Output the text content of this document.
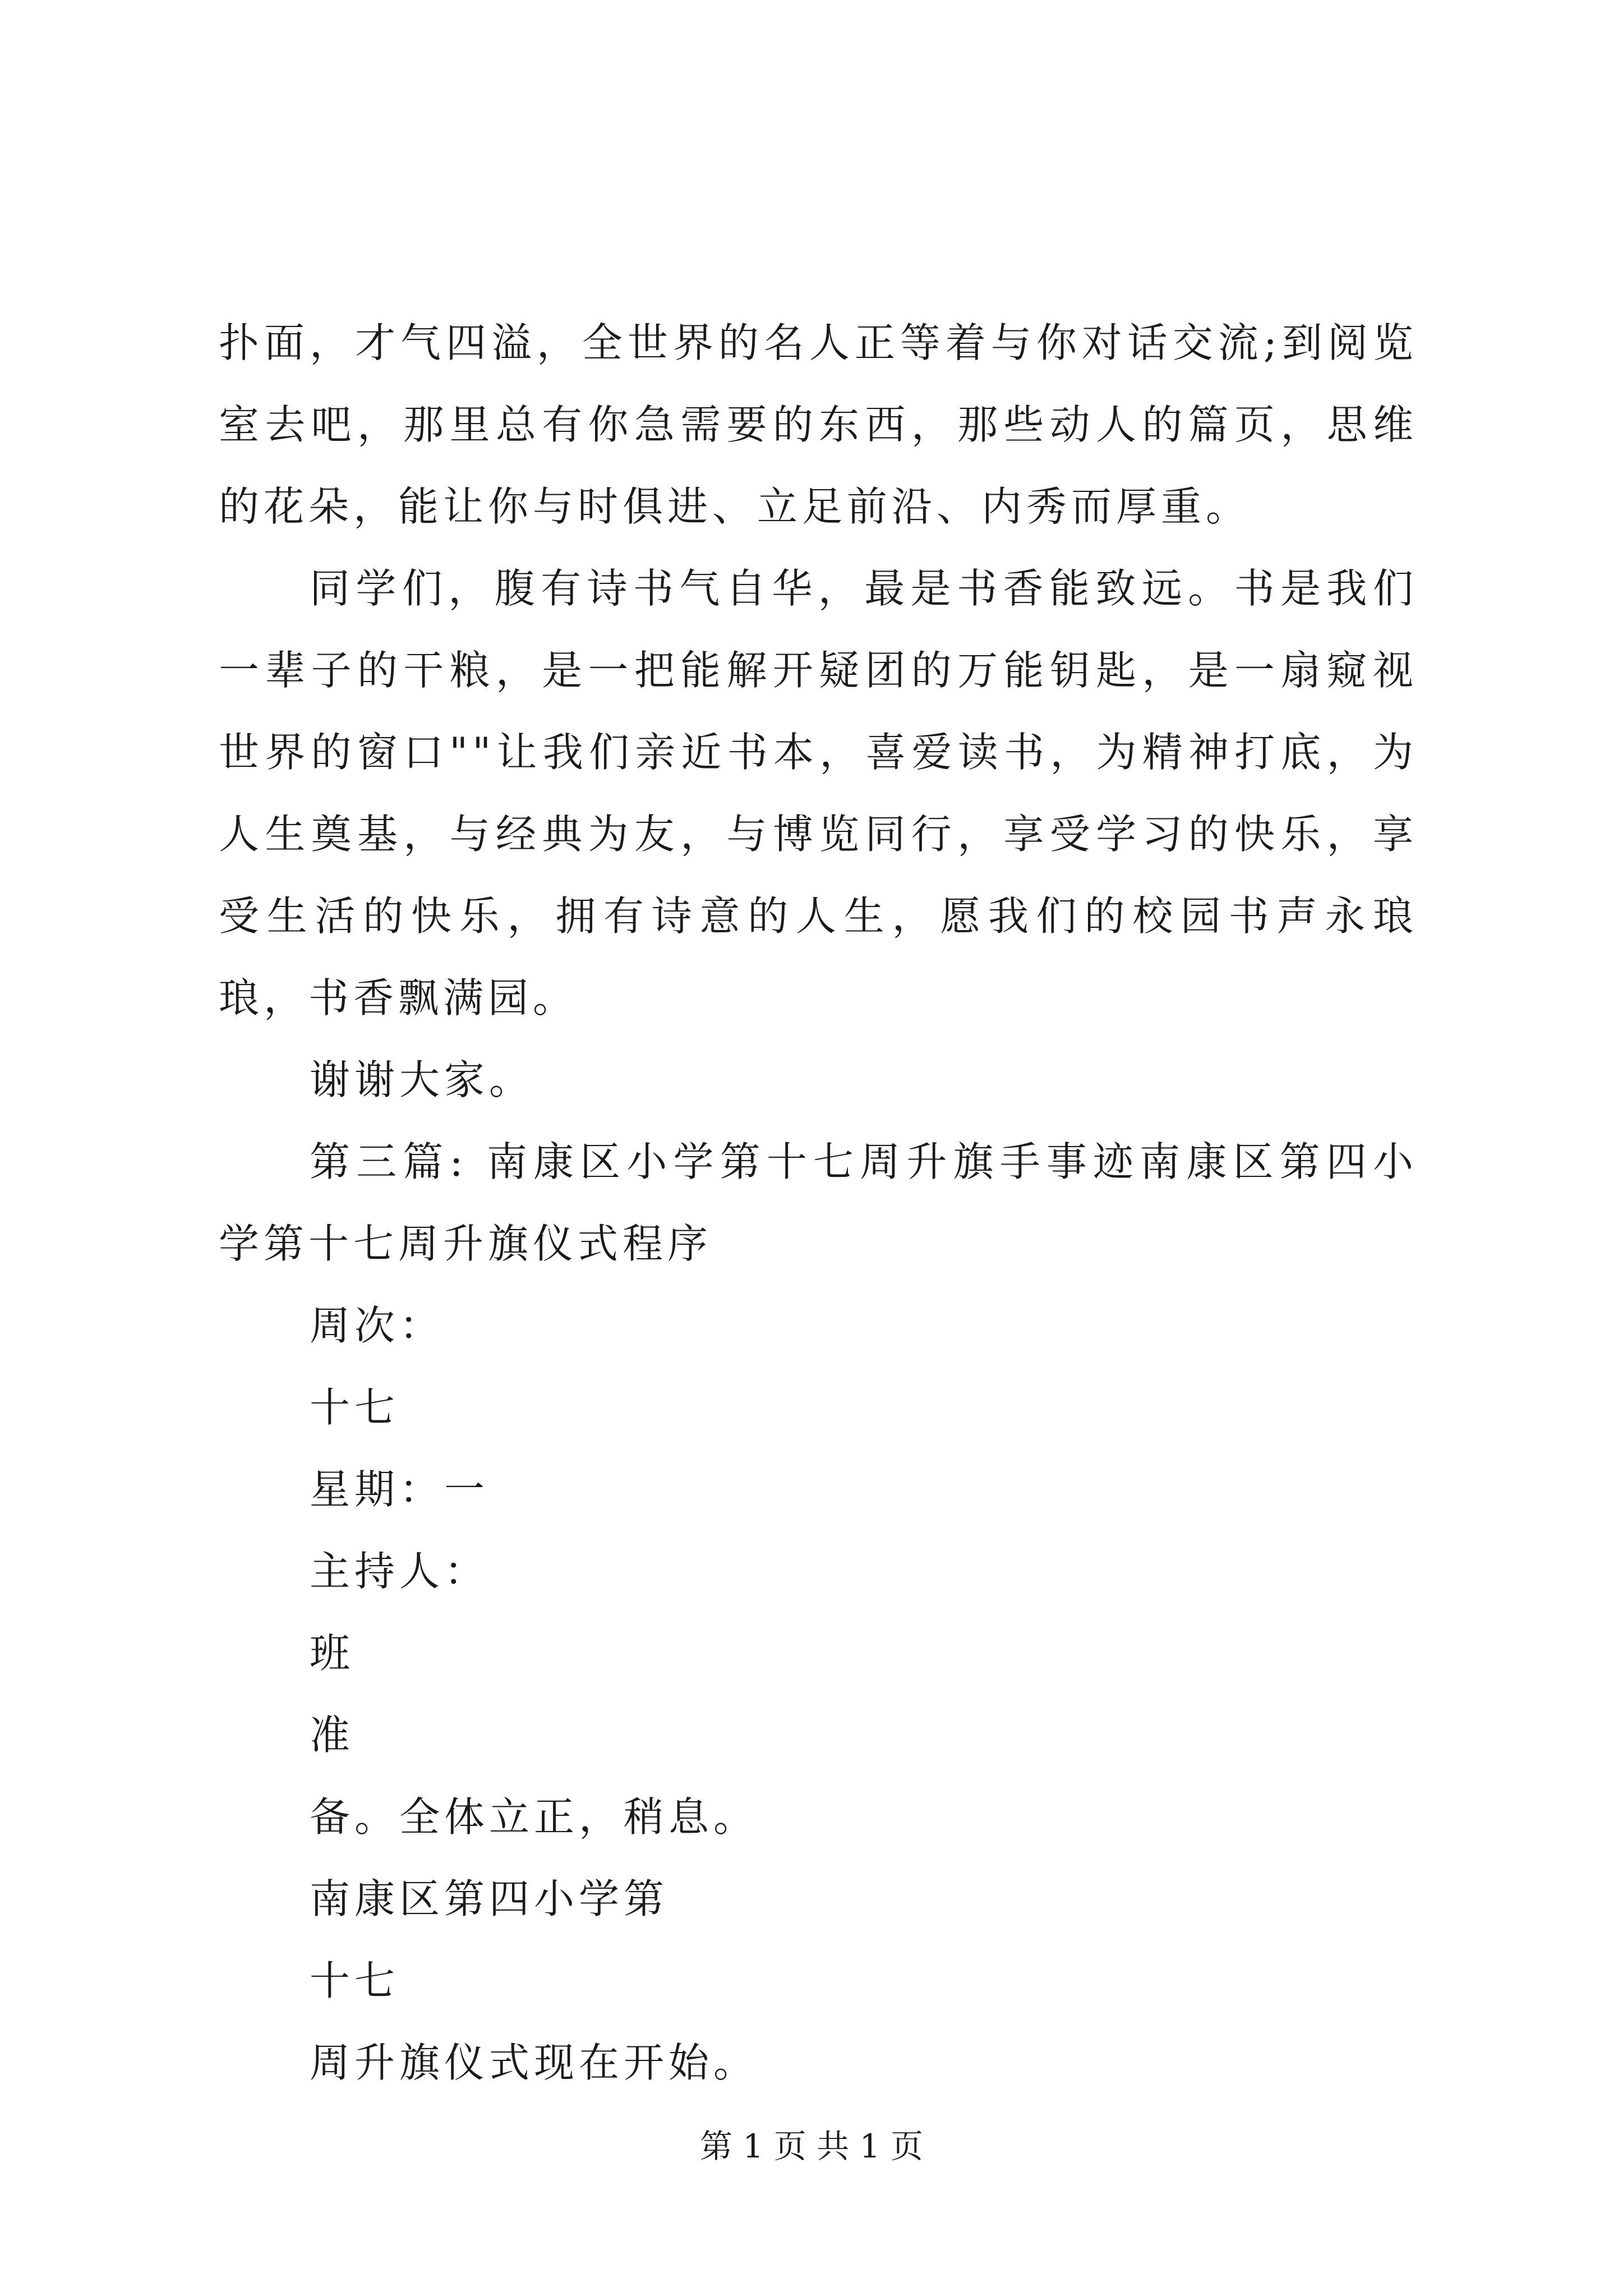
扑面，才气四溢，全世界的名人正等着与你对话交流;到阅览室去吧，那里总有你急需要的东西，那些动人的篇页，思维的花朵，能让你与时俱进、立足前沿、内秀而厚重。

同学们，腹有诗书气自华，最是书香能致远。书是我们一辈子的干粮，是一把能解开疑团的万能钥匙，是一扇窥视世界的窗口""让我们亲近书本，喜爱读书，为精神打底，为人生奠基，与经典为友，与博览同行，享受学习的快乐，享受生活的快乐，拥有诗意的人生，愿我们的校园书声永琅琅，书香飘满园。

谢谢大家。

第三篇: 南康区小学第十七周升旗手事迹南康区第四小学第十七周升旗仪式程序

周次：

十七

星期：一

主持人：

班

准

备。全体立正，稍息。

南康区第四小学第

十七

周升旗仪式现在开始。

第 1 页 共 1 页
